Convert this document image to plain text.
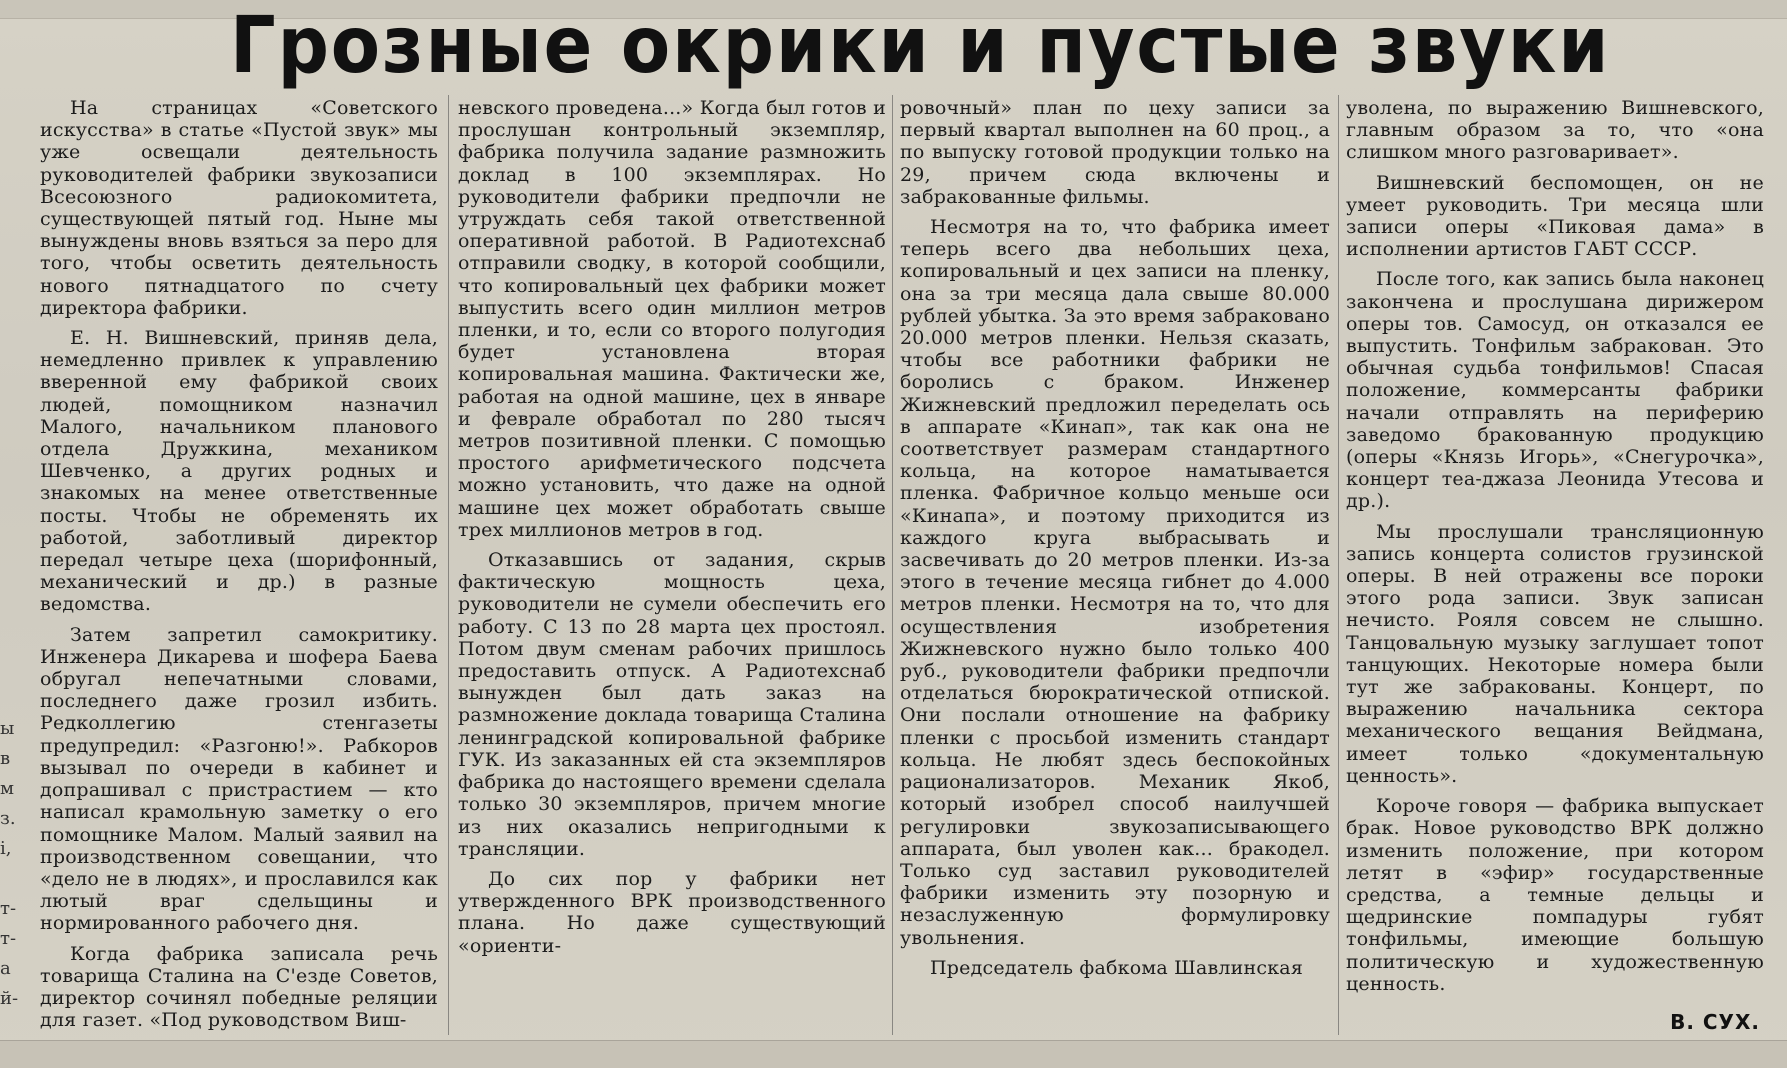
Грозные окрики и пустые звуки
ы
в
м
з.
і,
т-
т-
а
й-

На страницах «Советского искусства» в статье «Пустой звук» мы уже освещали деятельность руководителей фабрики звукозаписи Всесоюзного радиокомитета, существующей пятый год. Ныне мы вынуждены вновь взяться за перо для того, чтобы осветить деятельность нового пятнадцатого по счету директора фабрики.

Е. Н. Вишневский, приняв дела, немедленно привлек к управлению вверенной ему фабрикой своих людей, помощником назначил Малого, начальником планового отдела Дружкина, механиком Шевченко, а других родных и знакомых на менее ответственные посты. Чтобы не обременять их работой, заботливый директор передал четыре цеха (шорифонный, механический и др.) в разные ведомства.

Затем запретил самокритику. Инженера Дикарева и шофера Баева обругал непечатными словами, последнего даже грозил избить. Редколлегию стенгазеты предупредил: «Разгоню!». Рабкоров вызывал по очереди в кабинет и допрашивал с пристрастием — кто написал крамольную заметку о его помощнике Малом. Малый заявил на производственном совещании, что «дело не в людях», и прославился как лютый враг сдельщины и нормированного рабочего дня.

Когда фабрика записала речь товарища Сталина на С'езде Советов, директор сочинял победные реляции для газет. «Под руководством Виш-

невского проведена...» Когда был готов и прослушан контрольный экземпляр, фабрика получила задание размножить доклад в 100 экземплярах. Но руководители фабрики предпочли не утруждать себя такой ответственной оперативной работой. В Радиотехснаб отправили сводку, в которой сообщили, что копировальный цех фабрики может выпустить всего один миллион метров пленки, и то, если со второго полугодия будет установлена вторая копировальная машина. Фактически же, работая на одной машине, цех в январе и феврале обработал по 280 тысяч метров позитивной пленки. С помощью простого арифметического подсчета можно установить, что даже на одной машине цех может обработать свыше трех миллионов метров в год.

Отказавшись от задания, скрыв фактическую мощность цеха, руководители не сумели обеспечить его работу. С 13 по 28 марта цех простоял. Потом двум сменам рабочих пришлось предоставить отпуск. А Радиотехснаб вынужден был дать заказ на размножение доклада товарища Сталина ленинградской копировальной фабрике ГУК. Из заказанных ей ста экземпляров фабрика до настоящего времени сделала только 30 экземпляров, причем многие из них оказались непригодными к трансляции.

До сих пор у фабрики нет утвержденного ВРК производственного плана. Но даже существующий «ориенти-

ровочный» план по цеху записи за первый квартал выполнен на 60 проц., а по выпуску готовой продукции только на 29, причем сюда включены и забракованные фильмы.

Несмотря на то, что фабрика имеет теперь всего два небольших цеха, копировальный и цех записи на пленку, она за три месяца дала свыше 80.000 рублей убытка. За это время забраковано 20.000 метров пленки. Нельзя сказать, чтобы все работники фабрики не боролись с браком. Инженер Жижневский предложил переделать ось в аппарате «Кинап», так как она не соответствует размерам стандартного кольца, на которое наматывается пленка. Фабричное кольцо меньше оси «Кинапа», и поэтому приходится из каждого круга выбрасывать и засвечивать до 20 метров пленки. Из-за этого в течение месяца гибнет до 4.000 метров пленки. Несмотря на то, что для осуществления изобретения Жижневского нужно было только 400 руб., руководители фабрики предпочли отделаться бюрократической отпиской. Они послали отношение на фабрику пленки с просьбой изменить стандарт кольца. Не любят здесь беспокойных рационализаторов. Механик Якоб, который изобрел способ наилучшей регулировки звукозаписывающего аппарата, был уволен как... бракодел. Только суд заставил руководителей фабрики изменить эту позорную и незаслуженную формулировку увольнения.

Председатель фабкома Шавлинская

уволена, по выражению Вишневского, главным образом за то, что «она слишком много разговаривает».

Вишневский беспомощен, он не умеет руководить. Три месяца шли записи оперы «Пиковая дама» в исполнении артистов ГАБТ СССР.

После того, как запись была наконец закончена и прослушана дирижером оперы тов. Самосуд, он отказался ее выпустить. Тонфильм забракован. Это обычная судьба тонфильмов! Спасая положение, коммерсанты фабрики начали отправлять на периферию заведомо бракованную продукцию (оперы «Князь Игорь», «Снегурочка», концерт теа-джаза Леонида Утесова и др.).

Мы прослушали трансляционную запись концерта солистов грузинской оперы. В ней отражены все пороки этого рода записи. Звук записан нечисто. Рояля совсем не слышно. Танцовальную музыку заглушает топот танцующих. Некоторые номера были тут же забракованы. Концерт, по выражению начальника сектора механического вещания Вейдмана, имеет только «документальную ценность».

Короче говоря — фабрика выпускает брак. Новое руководство ВРК должно изменить положение, при котором летят в «эфир» государственные средства, а темные дельцы и щедринские помпадуры губят тонфильмы, имеющие большую политическую и художественную ценность.

В. СУХ.
